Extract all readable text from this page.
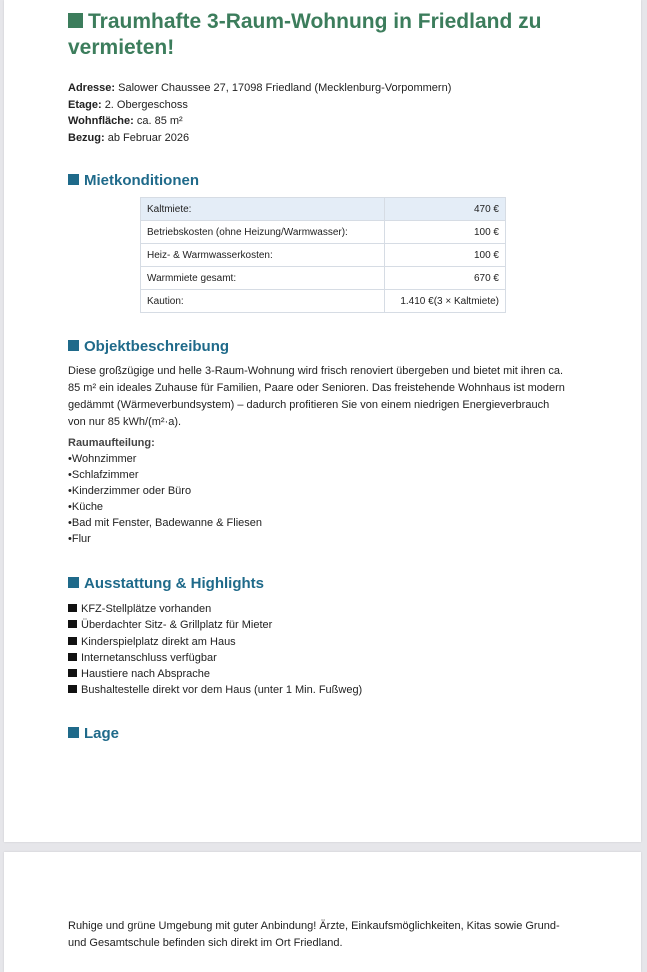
Traumhafte 3-Raum-Wohnung in Friedland zu vermieten!
Adresse: Salower Chaussee 27, 17098 Friedland (Mecklenburg-Vorpommern)
Etage: 2. Obergeschoss
Wohnfläche: ca. 85 m²
Bezug: ab Februar 2026
Mietkonditionen
Kaltmiete:	470 €
Betriebskosten (ohne Heizung/Warmwasser):	100 €
Heiz- & Warmwasserkosten:	100 €
Warmmiete gesamt:	670 €
Kaution:	1.410 €(3 × Kaltmiete)
Objektbeschreibung
Diese großzügige und helle 3-Raum-Wohnung wird frisch renoviert übergeben und bietet mit ihren ca. 85 m² ein ideales Zuhause für Familien, Paare oder Senioren. Das freistehende Wohnhaus ist modern gedämmt (Wärmeverbundsystem) – dadurch profitieren Sie von einem niedrigen Energieverbrauch von nur 85 kWh/(m²·a).
Raumaufteilung:
• Wohnzimmer
• Schlafzimmer
• Kinderzimmer oder Büro
• Küche
• Bad mit Fenster, Badewanne & Fliesen
• Flur
Ausstattung & Highlights
KFZ-Stellplätze vorhanden
Überdachter Sitz- & Grillplatz für Mieter
Kinderspielplatz direkt am Haus
Internetanschluss verfügbar
Haustiere nach Absprache
Bushaltestelle direkt vor dem Haus (unter 1 Min. Fußweg)
Lage
Ruhige und grüne Umgebung mit guter Anbindung! Ärzte, Einkaufsmöglichkeiten, Kitas sowie Grund- und Gesamtschule befinden sich direkt im Ort Friedland.
